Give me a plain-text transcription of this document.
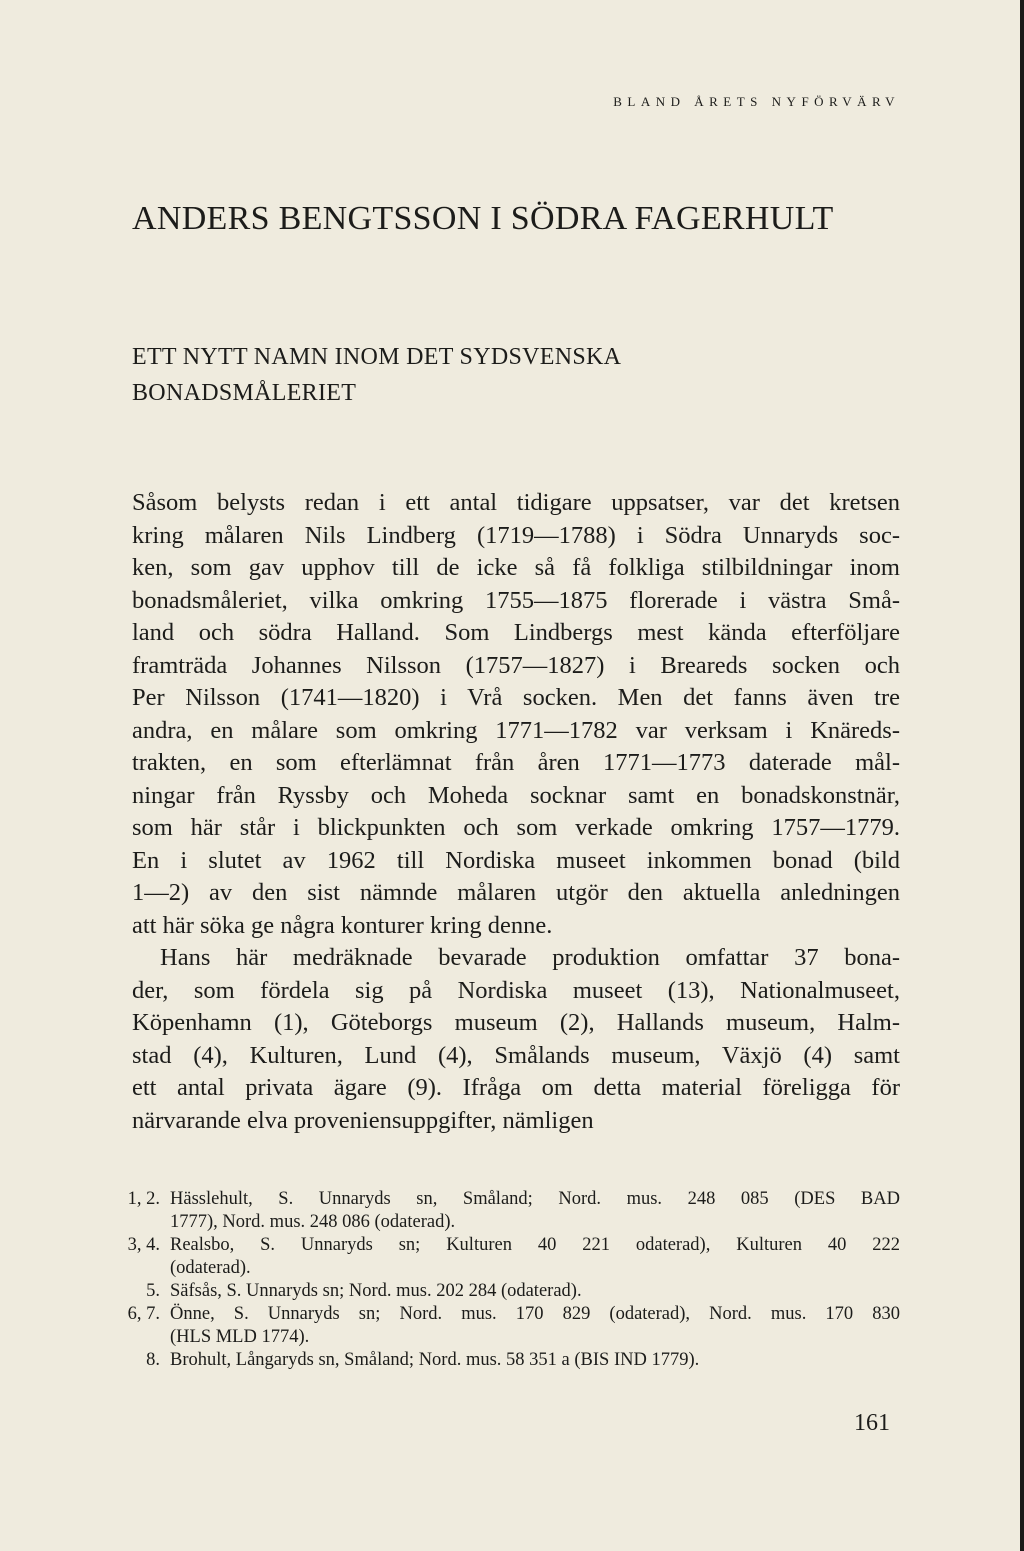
BLAND ÅRETS NYFÖRVÄRV
ANDERS BENGTSSON I SÖDRA FAGERHULT
ETT NYTT NAMN INOM DET SYDSVENSKA
BONADSMÅLERIET
Såsom belysts redan i ett antal tidigare uppsatser, var det kretsen
kring målaren Nils Lindberg (1719—1788) i Södra Unnaryds soc-
ken, som gav upphov till de icke så få folkliga stilbildningar inom
bonadsmåleriet, vilka omkring 1755—1875 florerade i västra Små-
land och södra Halland. Som Lindbergs mest kända efterföljare
framträda Johannes Nilsson (1757—1827) i Breareds socken och
Per Nilsson (1741—1820) i Vrå socken. Men det fanns även tre
andra, en målare som omkring 1771—1782 var verksam i Knäreds-
trakten, en som efterlämnat från åren 1771—1773 daterade mål-
ningar från Ryssby och Moheda socknar samt en bonadskonstnär,
som här står i blickpunkten och som verkade omkring 1757—1779.
En i slutet av 1962 till Nordiska museet inkommen bonad (bild
1—2) av den sist nämnde målaren utgör den aktuella anledningen
att här söka ge några konturer kring denne.
Hans här medräknade bevarade produktion omfattar 37 bona-
der, som fördela sig på Nordiska museet (13), Nationalmuseet,
Köpenhamn (1), Göteborgs museum (2), Hallands museum, Halm-
stad (4), Kulturen, Lund (4), Smålands museum, Växjö (4) samt
ett antal privata ägare (9). Ifråga om detta material föreligga för
närvarande elva proveniensuppgifter, nämligen
1, 2. Hässlehult, S. Unnaryds sn, Småland; Nord. mus. 248 085 (DES BAD
1777), Nord. mus. 248 086 (odaterad).
3, 4. Realsbo, S. Unnaryds sn; Kulturen 40 221 odaterad), Kulturen 40 222
(odaterad).
5. Säfsås, S. Unnaryds sn; Nord. mus. 202 284 (odaterad).
6, 7. Önne, S. Unnaryds sn; Nord. mus. 170 829 (odaterad), Nord. mus. 170 830
(HLS MLD 1774).
8. Brohult, Långaryds sn, Småland; Nord. mus. 58 351 a (BIS IND 1779).
161
